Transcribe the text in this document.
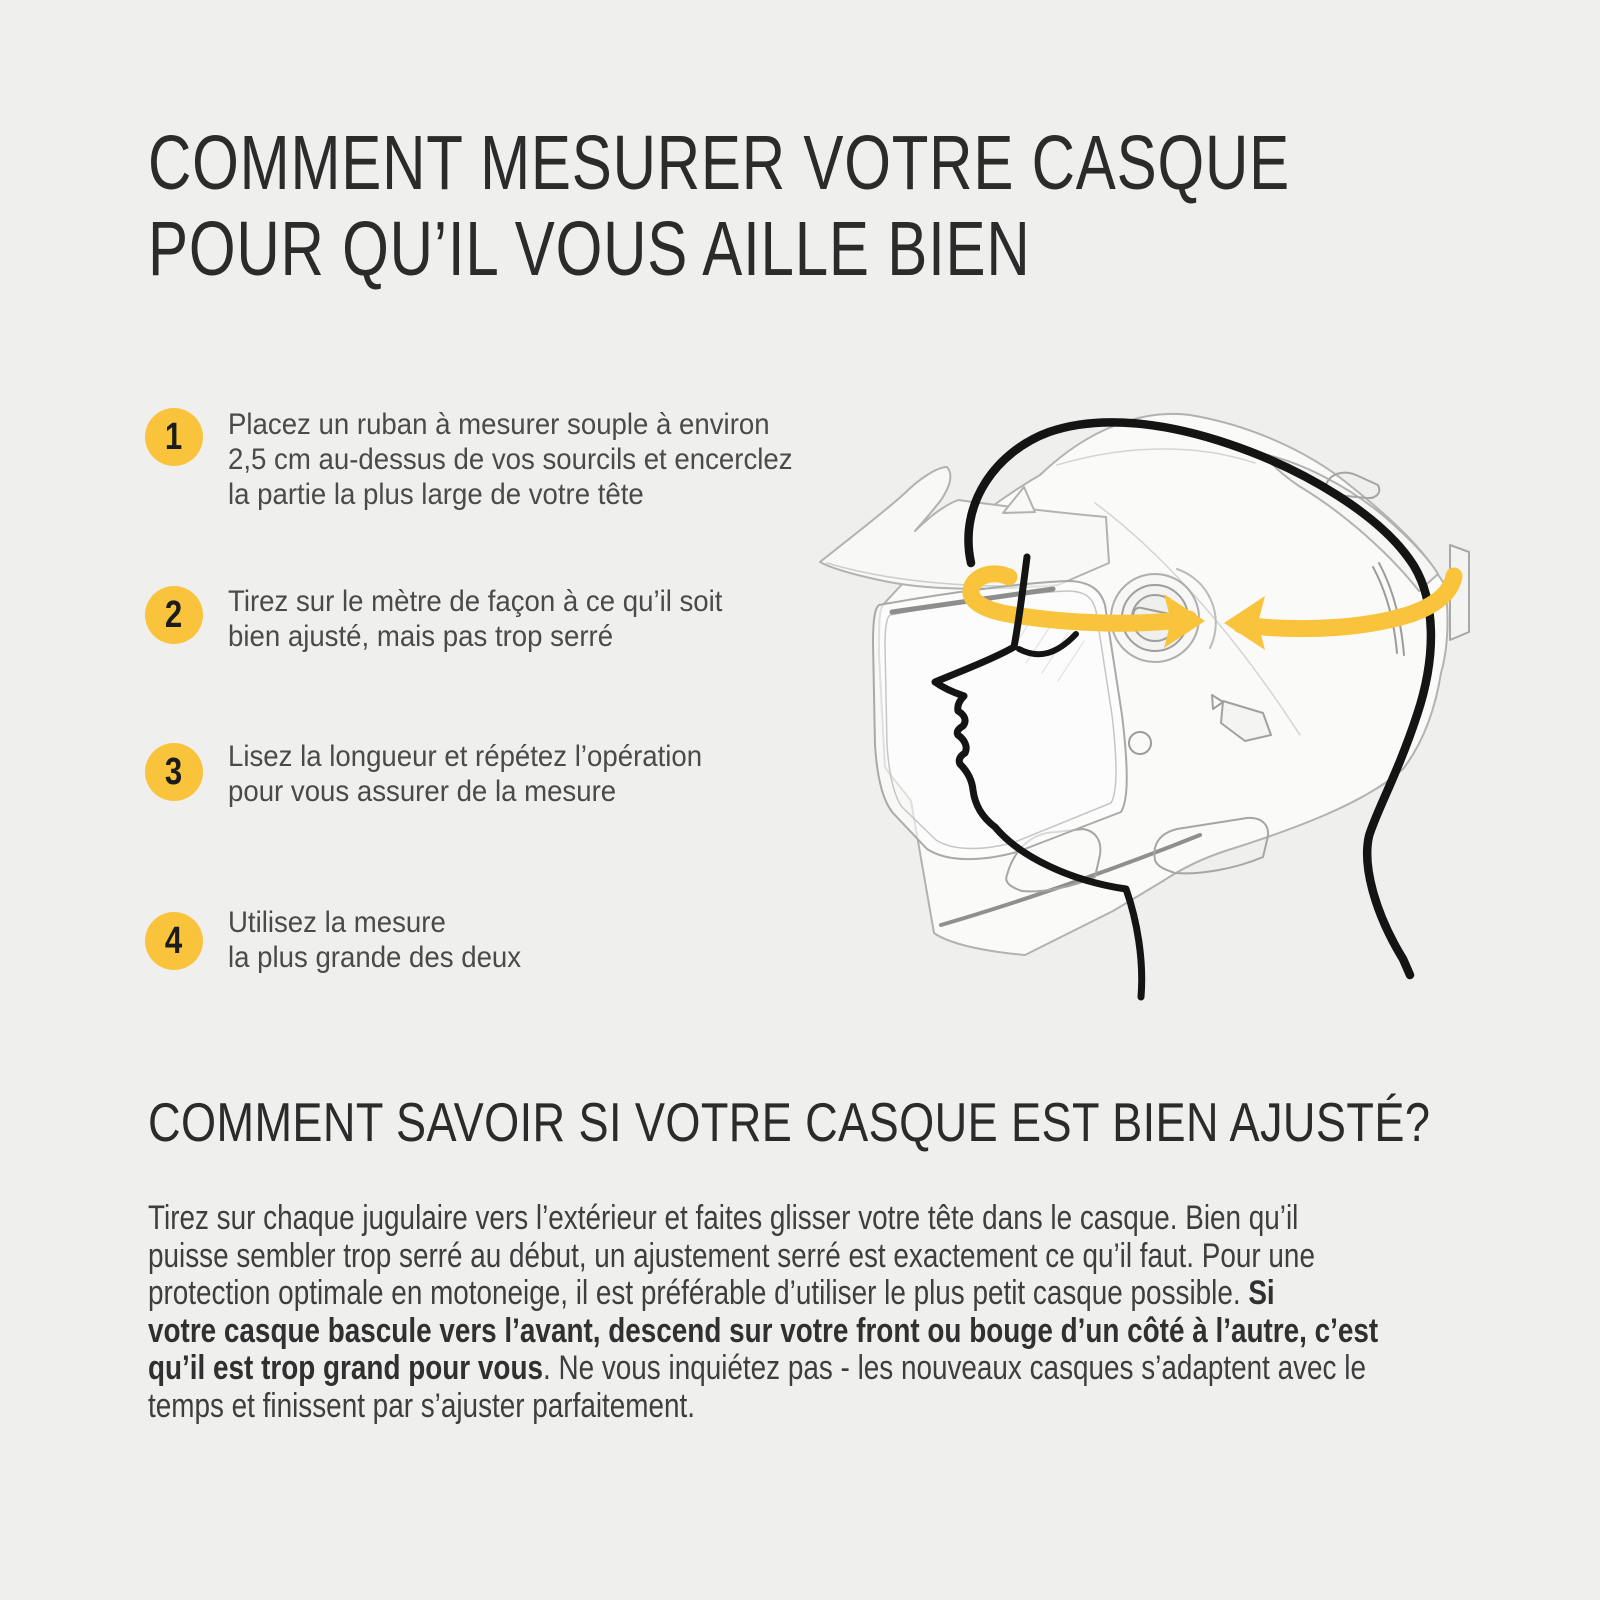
COMMENT MESURER VOTRE CASQUE
POUR QU’IL VOUS AILLE BIEN
1 Placez un ruban à mesurer souple à environ
2,5 cm au-dessus de vos sourcils et encerclez
la partie la plus large de votre tête
2 Tirez sur le mètre de façon à ce qu’il soit
bien ajusté, mais pas trop serré
3 Lisez la longueur et répétez l’opération
pour vous assurer de la mesure
4 Utilisez la mesure
la plus grande des deux
COMMENT SAVOIR SI VOTRE CASQUE EST BIEN AJUSTÉ?
Tirez sur chaque jugulaire vers l’extérieur et faites glisser votre tête dans le casque. Bien qu’il
puisse sembler trop serré au début, un ajustement serré est exactement ce qu’il faut. Pour une
protection optimale en motoneige, il est préférable d’utiliser le plus petit casque possible. Si
votre casque bascule vers l’avant, descend sur votre front ou bouge d’un côté à l’autre, c’est
qu’il est trop grand pour vous. Ne vous inquiétez pas - les nouveaux casques s’adaptent avec le
temps et finissent par s’ajuster parfaitement.
